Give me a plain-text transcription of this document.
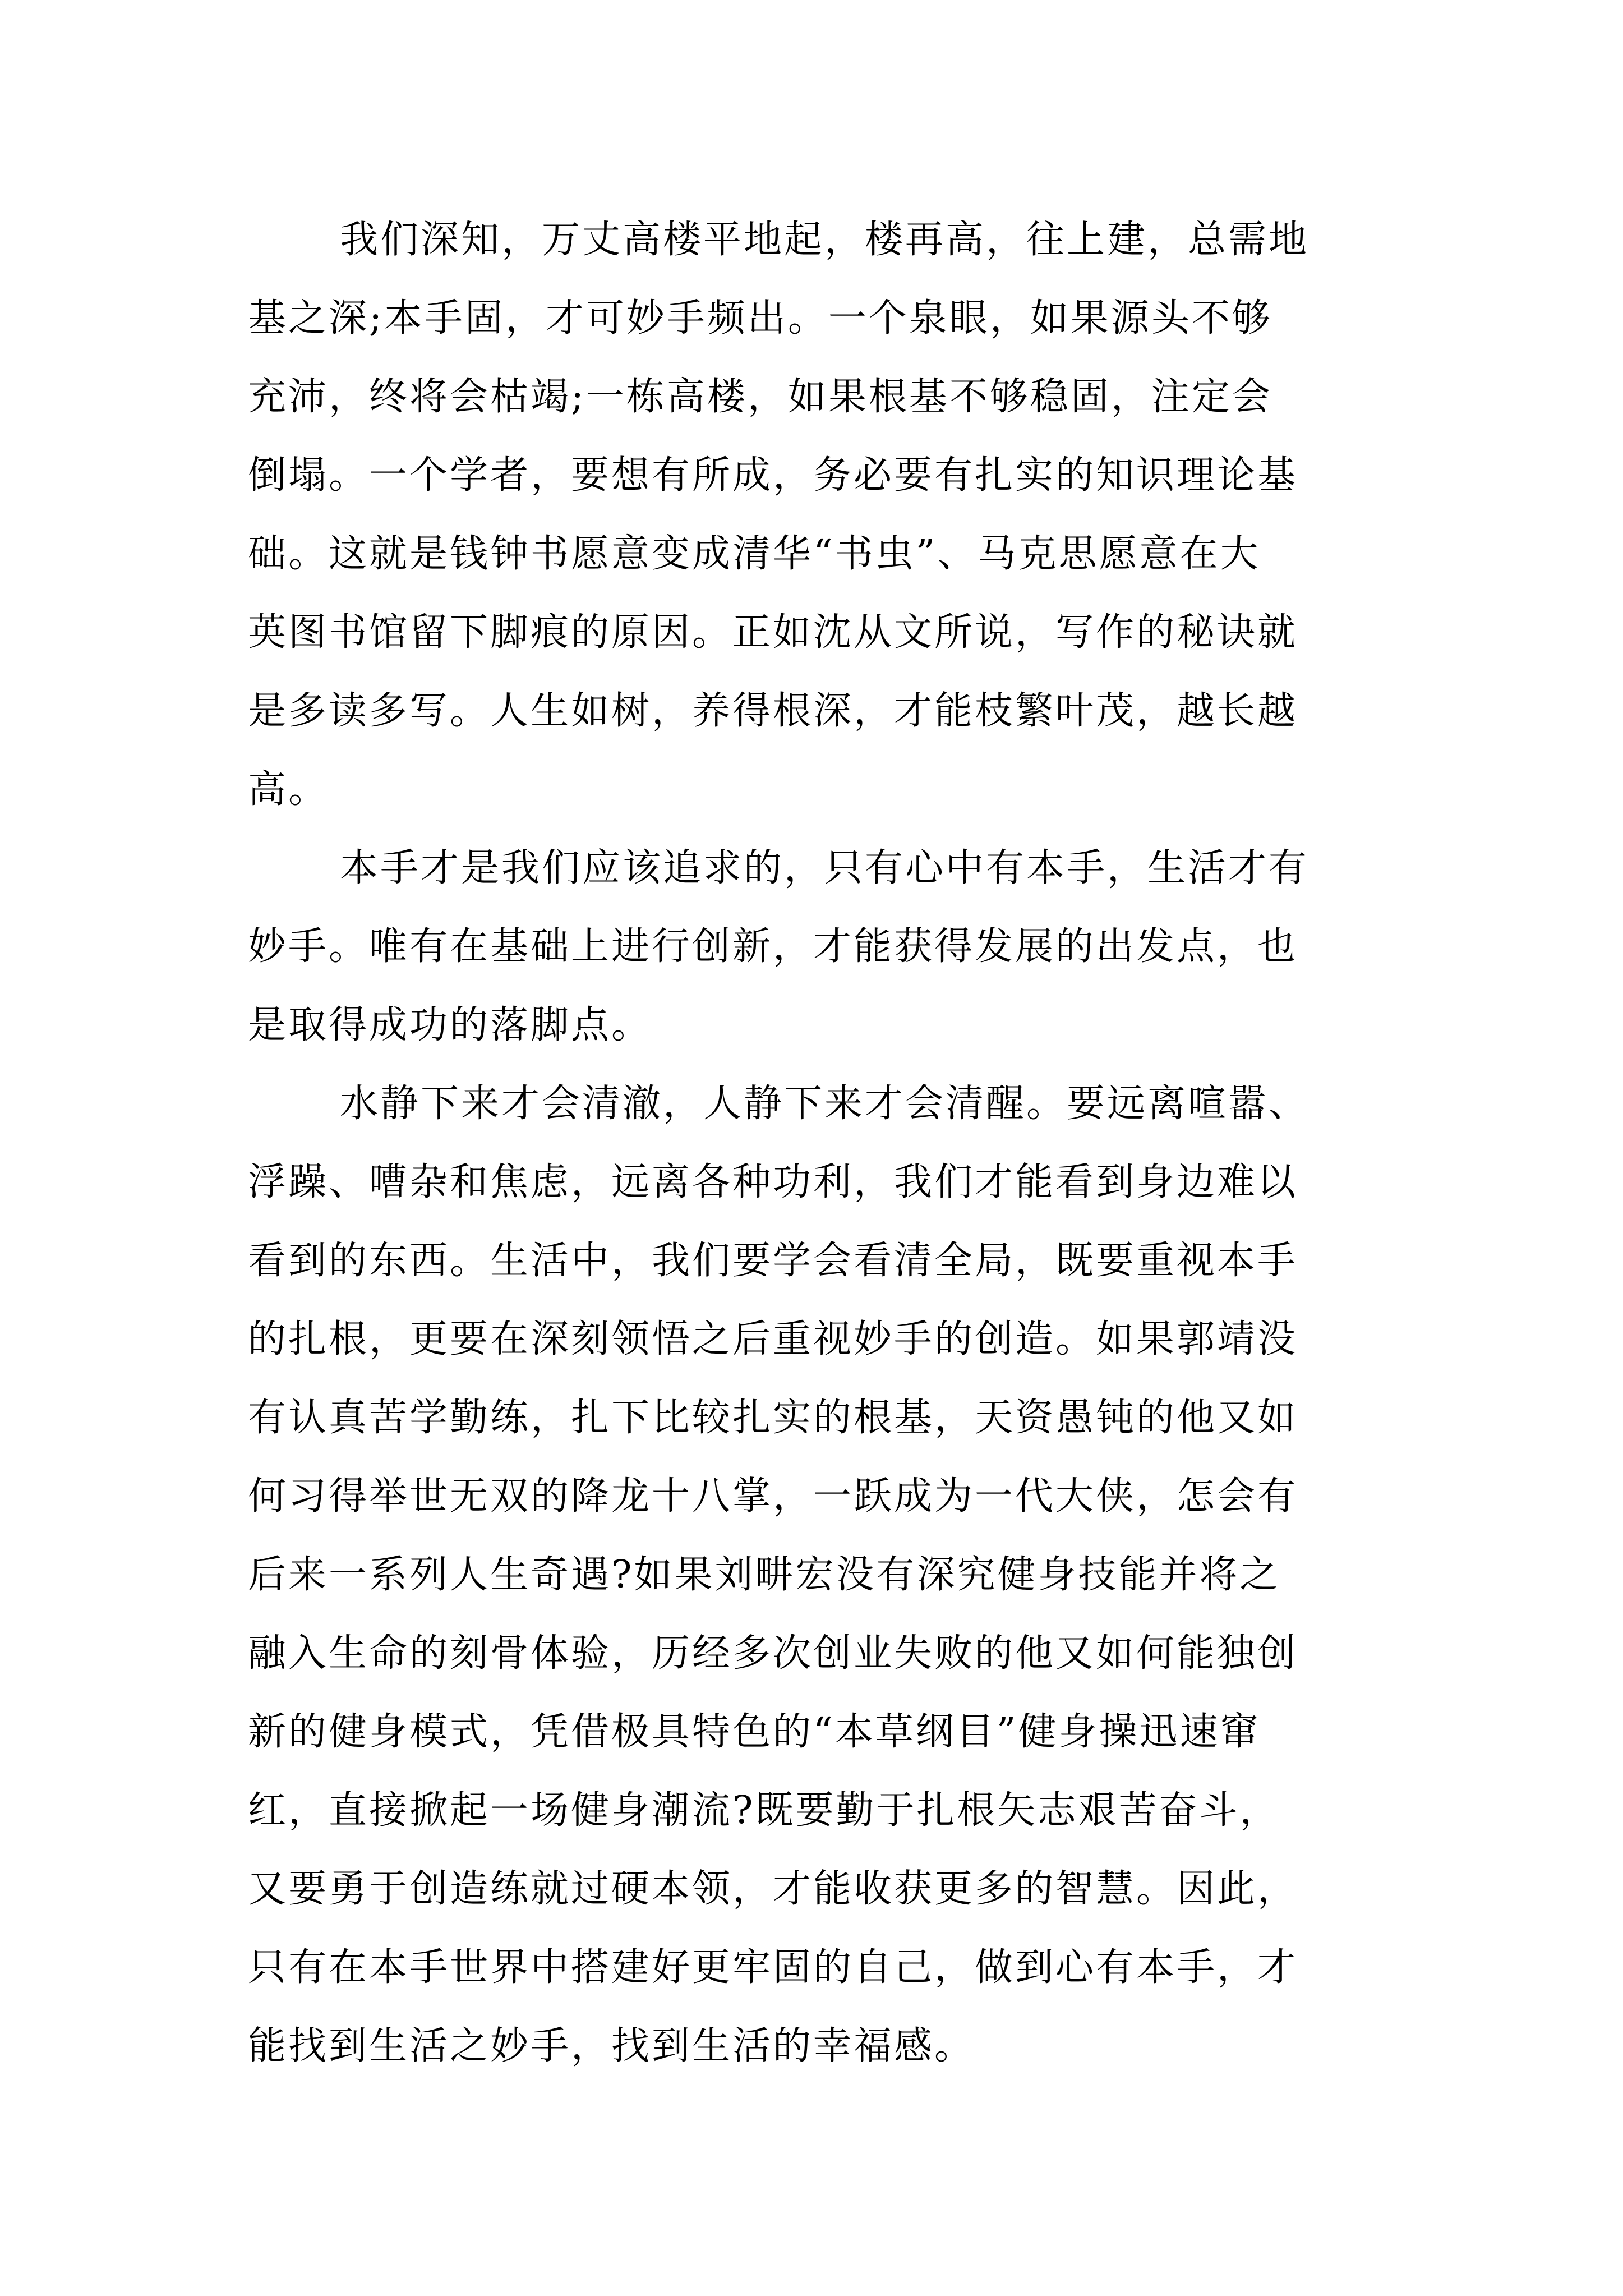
我们深知，万丈高楼平地起，楼再高，往上建，总需地
基之深;本手固，才可妙手频出。一个泉眼，如果源头不够
充沛，终将会枯竭;一栋高楼，如果根基不够稳固，注定会
倒塌。一个学者，要想有所成，务必要有扎实的知识理论基
础。这就是钱钟书愿意变成清华“书虫”、马克思愿意在大
英图书馆留下脚痕的原因。正如沈从文所说，写作的秘诀就
是多读多写。人生如树，养得根深，才能枝繁叶茂，越长越
高。
本手才是我们应该追求的，只有心中有本手，生活才有
妙手。唯有在基础上进行创新，才能获得发展的出发点，也
是取得成功的落脚点。
水静下来才会清澈，人静下来才会清醒。要远离喧嚣、
浮躁、嘈杂和焦虑，远离各种功利，我们才能看到身边难以
看到的东西。生活中，我们要学会看清全局，既要重视本手
的扎根，更要在深刻领悟之后重视妙手的创造。如果郭靖没
有认真苦学勤练，扎下比较扎实的根基，天资愚钝的他又如
何习得举世无双的降龙十八掌，一跃成为一代大侠，怎会有
后来一系列人生奇遇?如果刘畊宏没有深究健身技能并将之
融入生命的刻骨体验，历经多次创业失败的他又如何能独创
新的健身模式，凭借极具特色的“本草纲目”健身操迅速窜
红，直接掀起一场健身潮流?既要勤于扎根矢志艰苦奋斗，
又要勇于创造练就过硬本领，才能收获更多的智慧。因此，
只有在本手世界中搭建好更牢固的自己，做到心有本手，才
能找到生活之妙手，找到生活的幸福感。
